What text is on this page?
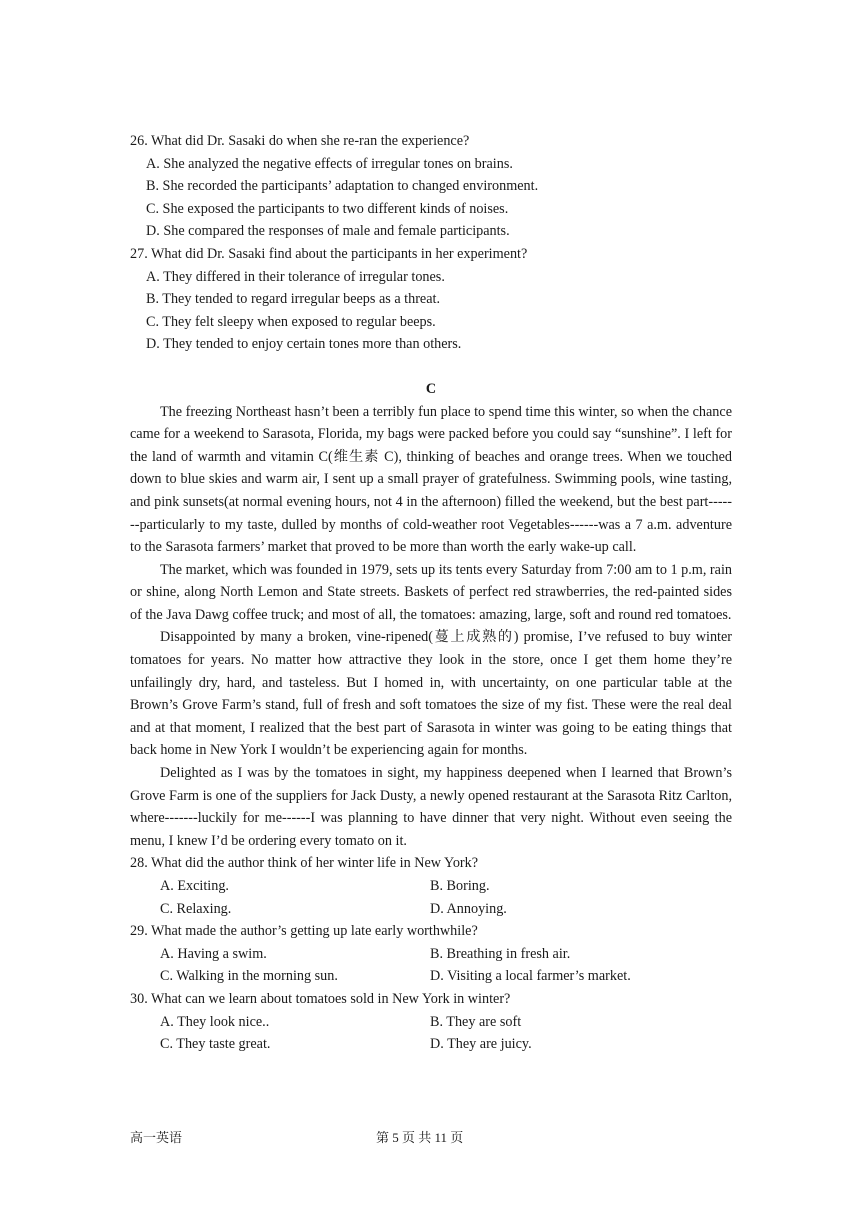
26. What did Dr. Sasaki do when she re-ran the experience?
A. She analyzed the negative effects of irregular tones on brains.
B. She recorded the participants’ adaptation to changed environment.
C. She exposed the participants to two different kinds of noises.
D. She compared the responses of male and female participants.
27. What did Dr. Sasaki find about the participants in her experiment?
A. They differed in their tolerance of irregular tones.
B. They tended to regard irregular beeps as a threat.
C. They felt sleepy when exposed to regular beeps.
D. They tended to enjoy certain tones more than others.
C

The freezing Northeast hasn’t been a terribly fun place to spend time this winter, so when the chance came for a weekend to Sarasota, Florida, my bags were packed before you could say “sunshine”. I left for the land of warmth and vitamin C(维生素 C), thinking of beaches and orange trees. When we touched down to blue skies and warm air, I sent up a small prayer of gratefulness. Swimming pools, wine tasting, and pink sunsets(at normal evening hours, not 4 in the afternoon) filled the weekend, but the best part-------particularly to my taste, dulled by months of cold-weather root Vegetables------was a 7 a.m. adventure to the Sarasota farmers’ market that proved to be more than worth the early wake-up call.

The market, which was founded in 1979, sets up its tents every Saturday from 7:00 am to 1 p.m, rain or shine, along North Lemon and State streets. Baskets of perfect red strawberries, the red-painted sides of the Java Dawg coffee truck; and most of all, the tomatoes: amazing, large, soft and round red tomatoes.

Disappointed by many a broken, vine-ripened(蔓上成熟的) promise, I’ve refused to buy winter tomatoes for years. No matter how attractive they look in the store, once I get them home they’re unfailingly dry, hard, and tasteless. But I homed in, with uncertainty, on one particular table at the Brown’s Grove Farm’s stand, full of fresh and soft tomatoes the size of my fist. These were the real deal and at that moment, I realized that the best part of Sarasota in winter was going to be eating things that back home in New York I wouldn’t be experiencing again for months.

Delighted as I was by the tomatoes in sight, my happiness deepened when I learned that Brown’s Grove Farm is one of the suppliers for Jack Dusty, a newly opened restaurant at the Sarasota Ritz Carlton, where-------luckily for me------I was planning to have dinner that very night. Without even seeing the menu, I knew I’d be ordering every tomato on it.

28. What did the author think of her winter life in New York?
A. Exciting.	B. Boring.
C. Relaxing.	D. Annoying.
29. What made the author’s getting up late early worthwhile?
A. Having a swim.	B. Breathing in fresh air.
C. Walking in the morning sun.	D. Visiting a local farmer’s market.
30. What can we learn about tomatoes sold in New York in winter?
A. They look nice..	B. They are soft
C. They taste great.	D. They are juicy.
高一英语	第 5 页 共 11 页
